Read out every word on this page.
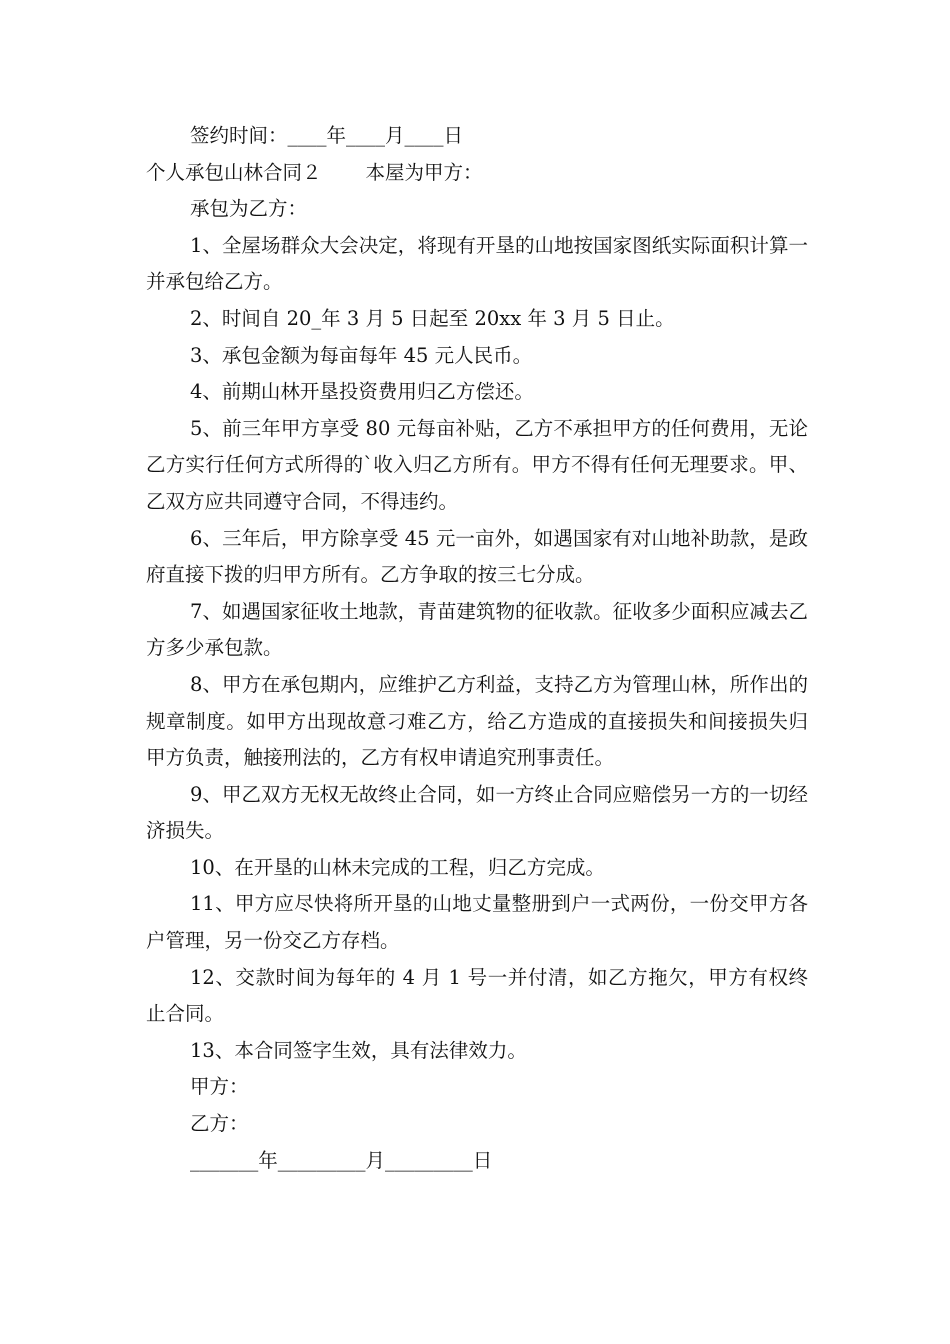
签约时间：____年____月____日

个人承包山林合同２ 本屋为甲方：

承包为乙方：

1、全屋场群众大会决定，将现有开垦的山地按国家图纸实际面积计算一并承包给乙方。

2、时间自 20_年 3 月 5 日起至 20xx 年 3 月 5 日止。

3、承包金额为每亩每年 45 元人民币。

4、前期山林开垦投资费用归乙方偿还。

5、前三年甲方享受 80 元每亩补贴，乙方不承担甲方的任何费用，无论乙方实行任何方式所得的`收入归乙方所有。甲方不得有任何无理要求。甲、乙双方应共同遵守合同，不得违约。

6、三年后，甲方除享受 45 元一亩外，如遇国家有对山地补助款，是政府直接下拨的归甲方所有。乙方争取的按三七分成。

7、如遇国家征收土地款，青苗建筑物的征收款。征收多少面积应减去乙方多少承包款。

8、甲方在承包期内，应维护乙方利益，支持乙方为管理山林，所作出的规章制度。如甲方出现故意刁难乙方，给乙方造成的直接损失和间接损失归甲方负责，触接刑法的，乙方有权申请追究刑事责任。

9、甲乙双方无权无故终止合同，如一方终止合同应赔偿另一方的一切经济损失。

10、在开垦的山林未完成的工程，归乙方完成。

11、甲方应尽快将所开垦的山地丈量整册到户一式两份，一份交甲方各户管理，另一份交乙方存档。

12、交款时间为每年的 4 月 1 号一并付清，如乙方拖欠，甲方有权终止合同。

13、本合同签字生效，具有法律效力。

甲方：

乙方：

_______年_________月_________日
